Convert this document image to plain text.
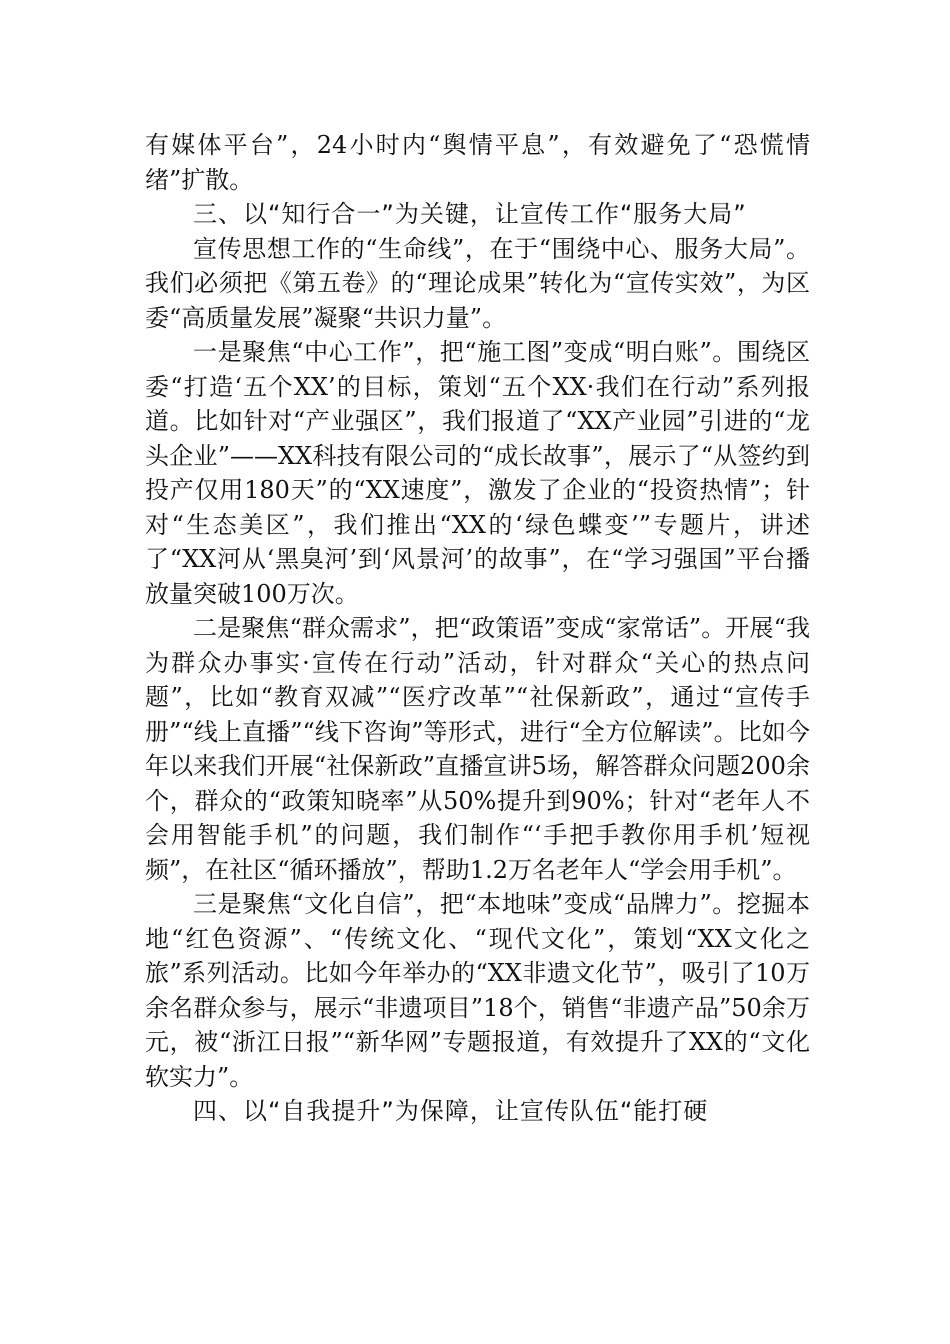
有媒体平台”，24小时内“舆情平息”，有效避免了“恐慌情绪”扩散。

三、以“知行合一”为关键，让宣传工作“服务大局”

宣传思想工作的“生命线”，在于“围绕中心、服务大局”。我们必须把《第五卷》的“理论成果”转化为“宣传实效”，为区委“高质量发展”凝聚“共识力量”。

一是聚焦“中心工作”，把“施工图”变成“明白账”。围绕区委“打造‘五个XX’的目标，策划“五个XX·我们在行动”系列报道。比如针对“产业强区”，我们报道了“XX产业园”引进的“龙头企业”——XX科技有限公司的“成长故事”，展示了“从签约到投产仅用180天”的“XX速度”，激发了企业的“投资热情”；针对“生态美区”，我们推出“XX的‘绿色蝶变’”专题片，讲述了“XX河从‘黑臭河’到‘风景河’的故事”，在“学习强国”平台播放量突破100万次。

二是聚焦“群众需求”，把“政策语”变成“家常话”。开展“我为群众办事实·宣传在行动”活动，针对群众“关心的热点问题”，比如“教育双减”“医疗改革”“社保新政”，通过“宣传手册”“线上直播”“线下咨询”等形式，进行“全方位解读”。比如今年以来我们开展“社保新政”直播宣讲5场，解答群众问题200余个，群众的“政策知晓率”从50%提升到90%；针对“老年人不会用智能手机”的问题，我们制作“‘手把手教你用手机’短视频”，在社区“循环播放”，帮助1.2万名老年人“学会用手机”。

三是聚焦“文化自信”，把“本地味”变成“品牌力”。挖掘本地“红色资源”、“传统文化、“现代文化”，策划“XX文化之旅”系列活动。比如今年举办的“XX非遗文化节”，吸引了10万余名群众参与，展示“非遗项目”18个，销售“非遗产品”50余万元，被“浙江日报”“新华网”专题报道，有效提升了XX的“文化软实力”。

四、以“自我提升”为保障，让宣传队伍“能打硬
